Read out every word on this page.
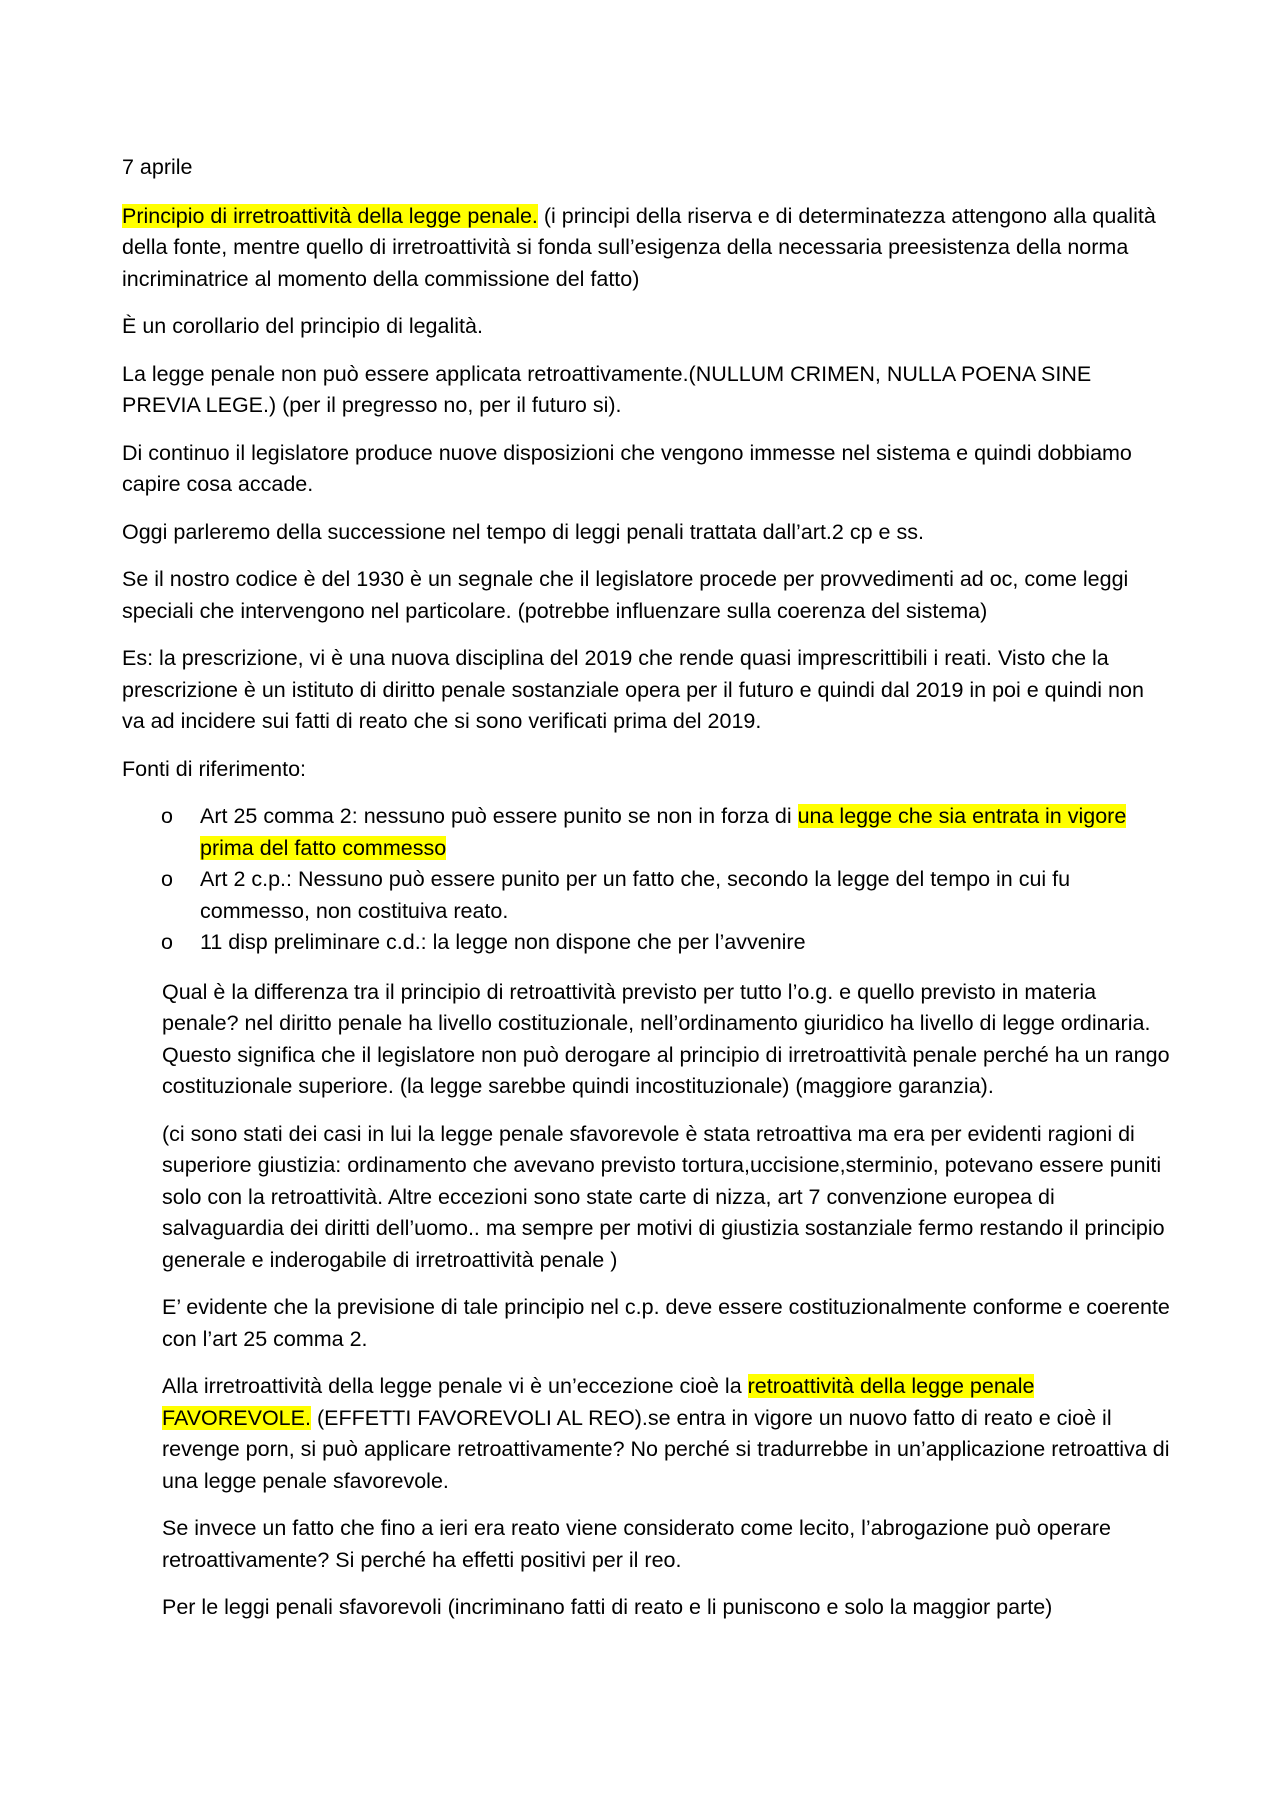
7 aprile

Principio di irretroattività della legge penale. (i principi della riserva e di determinatezza attengono alla qualità della fonte, mentre quello di irretroattività si fonda sull’esigenza della necessaria preesistenza della norma incriminatrice al momento della commissione del fatto)

È un corollario del principio di legalità.

La legge penale non può essere applicata retroattivamente.(NULLUM CRIMEN, NULLA POENA SINE PREVIA LEGE.) (per il pregresso no, per il futuro si).

Di continuo il legislatore produce nuove disposizioni che vengono immesse nel sistema e quindi dobbiamo capire cosa accade.

Oggi parleremo della successione nel tempo di leggi penali trattata dall’art.2 cp e ss.

Se il nostro codice è del 1930 è un segnale che il legislatore procede per provvedimenti ad oc, come leggi speciali che intervengono nel particolare. (potrebbe influenzare sulla coerenza del sistema)

Es: la prescrizione, vi è una nuova disciplina del 2019 che rende quasi imprescrittibili i reati. Visto che la prescrizione è un istituto di diritto penale sostanziale opera per il futuro e quindi dal 2019 in poi e quindi non va ad incidere sui fatti di reato che si sono verificati prima del 2019.

Fonti di riferimento:

o Art 25 comma 2: nessuno può essere punito se non in forza di una legge che sia entrata in vigore prima del fatto commesso
o Art 2 c.p.: Nessuno può essere punito per un fatto che, secondo la legge del tempo in cui fu commesso, non costituiva reato.
o 11 disp preliminare c.d.: la legge non dispone che per l’avvenire

Qual è la differenza tra il principio di retroattività previsto per tutto l’o.g. e quello previsto in materia penale? nel diritto penale ha livello costituzionale, nell’ordinamento giuridico ha livello di legge ordinaria. Questo significa che il legislatore non può derogare al principio di irretroattività penale perché ha un rango costituzionale superiore. (la legge sarebbe quindi incostituzionale) (maggiore garanzia).

(ci sono stati dei casi in lui la legge penale sfavorevole è stata retroattiva ma era per evidenti ragioni di superiore giustizia: ordinamento che avevano previsto tortura,uccisione,sterminio, potevano essere puniti solo con la retroattività. Altre eccezioni sono state carte di nizza, art 7 convenzione europea di salvaguardia dei diritti dell’uomo.. ma sempre per motivi di giustizia sostanziale fermo restando il principio generale e inderogabile di irretroattività penale )

E’ evidente che la previsione di tale principio nel c.p. deve essere costituzionalmente conforme e coerente con l’art 25 comma 2.

Alla irretroattività della legge penale vi è un’eccezione cioè la retroattività della legge penale FAVOREVOLE. (EFFETTI FAVOREVOLI AL REO).se entra in vigore un nuovo fatto di reato e cioè il revenge porn, si può applicare retroattivamente? No perché si tradurrebbe in un’applicazione retroattiva di una legge penale sfavorevole.

Se invece un fatto che fino a ieri era reato viene considerato come lecito, l’abrogazione può operare retroattivamente? Si perché ha effetti positivi per il reo.

Per le leggi penali sfavorevoli (incriminano fatti di reato e li puniscono e solo la maggior parte)
